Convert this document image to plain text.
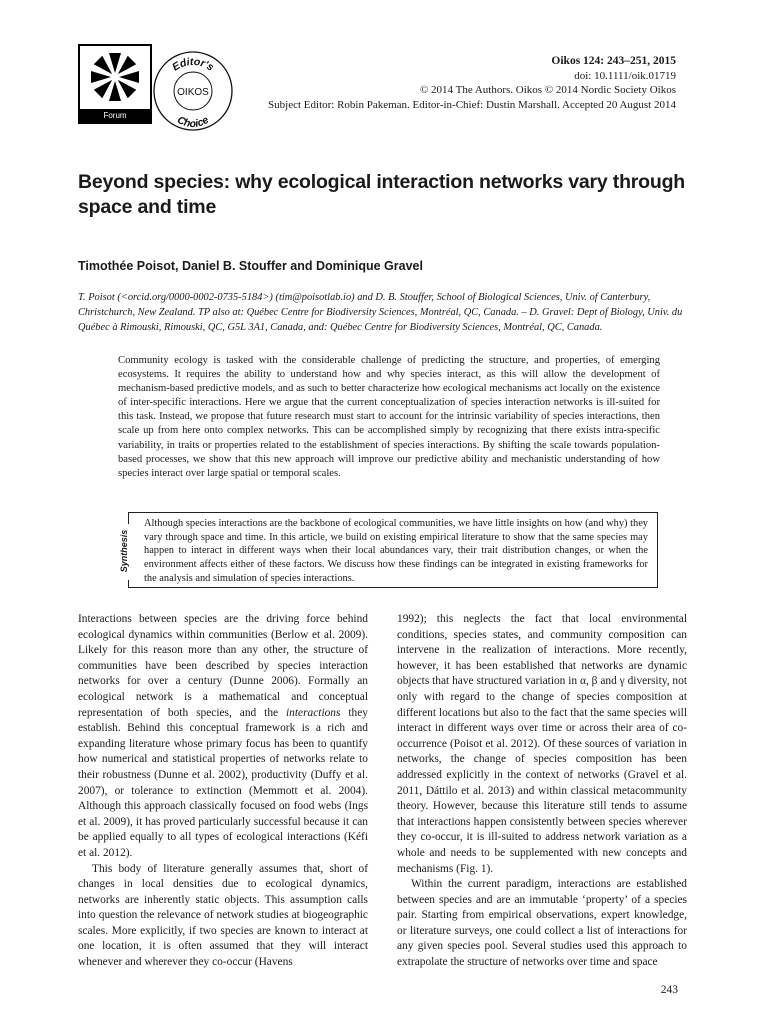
Forum
Editor's
OIKOS
Choice
Oikos 124: 243–251, 2015
doi: 10.1111/oik.01719
© 2014 The Authors. Oikos © 2014 Nordic Society Oikos
Subject Editor: Robin Pakeman. Editor-in-Chief: Dustin Marshall. Accepted 20 August 2014
Beyond species: why ecological interaction networks vary through space and time
Timothée Poisot, Daniel B. Stouffer and Dominique Gravel
T. Poisot (<orcid.org/0000-0002-0735-5184>) (tim@poisotlab.io) and D. B. Stouffer, School of Biological Sciences, Univ. of Canterbury, Christchurch, New Zealand. TP also at: Québec Centre for Biodiversity Sciences, Montréal, QC, Canada. – D. Gravel: Dept of Biology, Univ. du Québec à Rimouski, Rimouski, QC, G5L 3A1, Canada, and: Québec Centre for Biodiversity Sciences, Montréal, QC, Canada.
Community ecology is tasked with the considerable challenge of predicting the structure, and properties, of emerging ecosystems. It requires the ability to understand how and why species interact, as this will allow the development of mechanism-based predictive models, and as such to better characterize how ecological mechanisms act locally on the existence of inter-specific interactions. Here we argue that the current conceptualization of species interaction networks is ill-suited for this task. Instead, we propose that future research must start to account for the intrinsic variability of species interactions, then scale up from here onto complex networks. This can be accomplished simply by recognizing that there exists intra-specific variability, in traits or properties related to the establishment of species interactions. By shifting the scale towards population-based processes, we show that this new approach will improve our predictive ability and mechanistic understanding of how species interact over large spatial or temporal scales.
Although species interactions are the backbone of ecological communities, we have little insights on how (and why) they vary through space and time. In this article, we build on existing empirical literature to show that the same species may happen to interact in different ways when their local abundances vary, their trait distribution changes, or when the environment affects either of these factors. We discuss how these findings can be integrated in existing frameworks for the analysis and simulation of species interactions.
Synthesis

Interactions between species are the driving force behind ecological dynamics within communities (Berlow et al. 2009). Likely for this reason more than any other, the structure of communities have been described by species interaction networks for over a century (Dunne 2006). Formally an ecological network is a mathematical and conceptual representation of both species, and the interactions they establish. Behind this conceptual framework is a rich and expanding literature whose primary focus has been to quantify how numerical and statistical properties of networks relate to their robustness (Dunne et al. 2002), productivity (Duffy et al. 2007), or tolerance to extinction (Memmott et al. 2004). Although this approach classically focused on food webs (Ings et al. 2009), it has proved particularly successful because it can be applied equally to all types of ecological interactions (Kéfi et al. 2012).

This body of literature generally assumes that, short of changes in local densities due to ecological dynamics, networks are inherently static objects. This assumption calls into question the relevance of network studies at biogeographic scales. More explicitly, if two species are known to interact at one location, it is often assumed that they will interact whenever and wherever they co-occur (Havens

1992); this neglects the fact that local environmental conditions, species states, and community composition can intervene in the realization of interactions. More recently, however, it has been established that networks are dynamic objects that have structured variation in α, β and γ diversity, not only with regard to the change of species composition at different locations but also to the fact that the same species will interact in different ways over time or across their area of co-occurrence (Poisot et al. 2012). Of these sources of variation in networks, the change of species composition has been addressed explicitly in the context of networks (Gravel et al. 2011, Dáttilo et al. 2013) and within classical metacommunity theory. However, because this literature still tends to assume that interactions happen consistently between species wherever they co-occur, it is ill-suited to address network variation as a whole and needs to be supplemented with new concepts and mechanisms (Fig. 1).

Within the current paradigm, interactions are established between species and are an immutable ‘property’ of a species pair. Starting from empirical observations, expert knowledge, or literature surveys, one could collect a list of interactions for any given species pool. Several studies used this approach to extrapolate the structure of networks over time and space

243
